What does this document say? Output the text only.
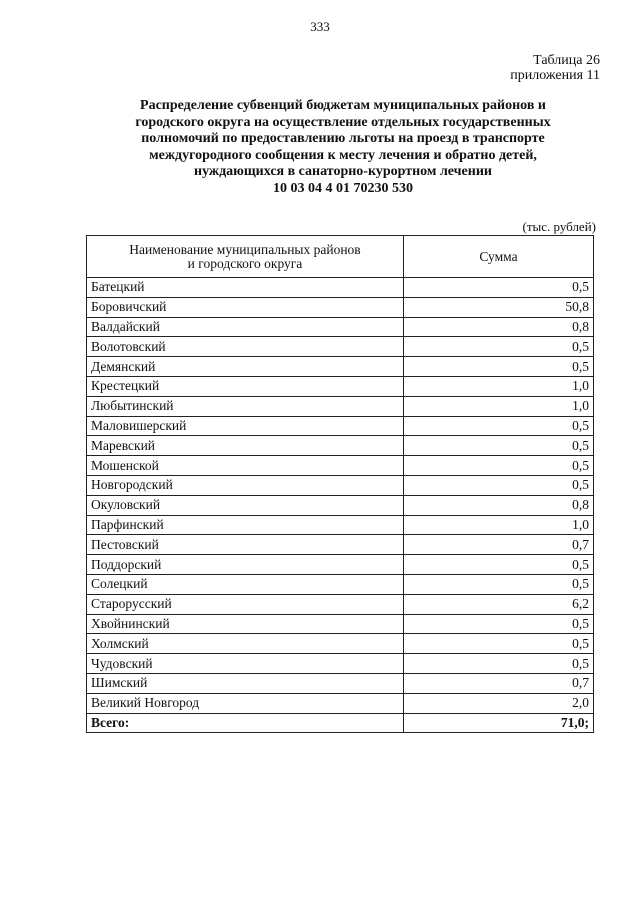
333
Таблица 26
приложения 11
Распределение субвенций бюджетам муниципальных районов и
городского округа на осуществление отдельных государственных
полномочий по предоставлению льготы на проезд в транспорте
междугородного сообщения к месту лечения и обратно детей,
нуждающихся в санаторно-курортном лечении
10 03 04 4 01 70230 530
(тыс. рублей)
Наименование муниципальных районов
и городского округа	Сумма
Батецкий	0,5
Боровичский	50,8
Валдайский	0,8
Волотовский	0,5
Демянский	0,5
Крестецкий	1,0
Любытинский	1,0
Маловишерский	0,5
Маревский	0,5
Мошенской	0,5
Новгородский	0,5
Окуловский	0,8
Парфинский	1,0
Пестовский	0,7
Поддорский	0,5
Солецкий	0,5
Старорусский	6,2
Хвойнинский	0,5
Холмский	0,5
Чудовский	0,5
Шимский	0,7
Великий Новгород	2,0
Всего:	71,0;
